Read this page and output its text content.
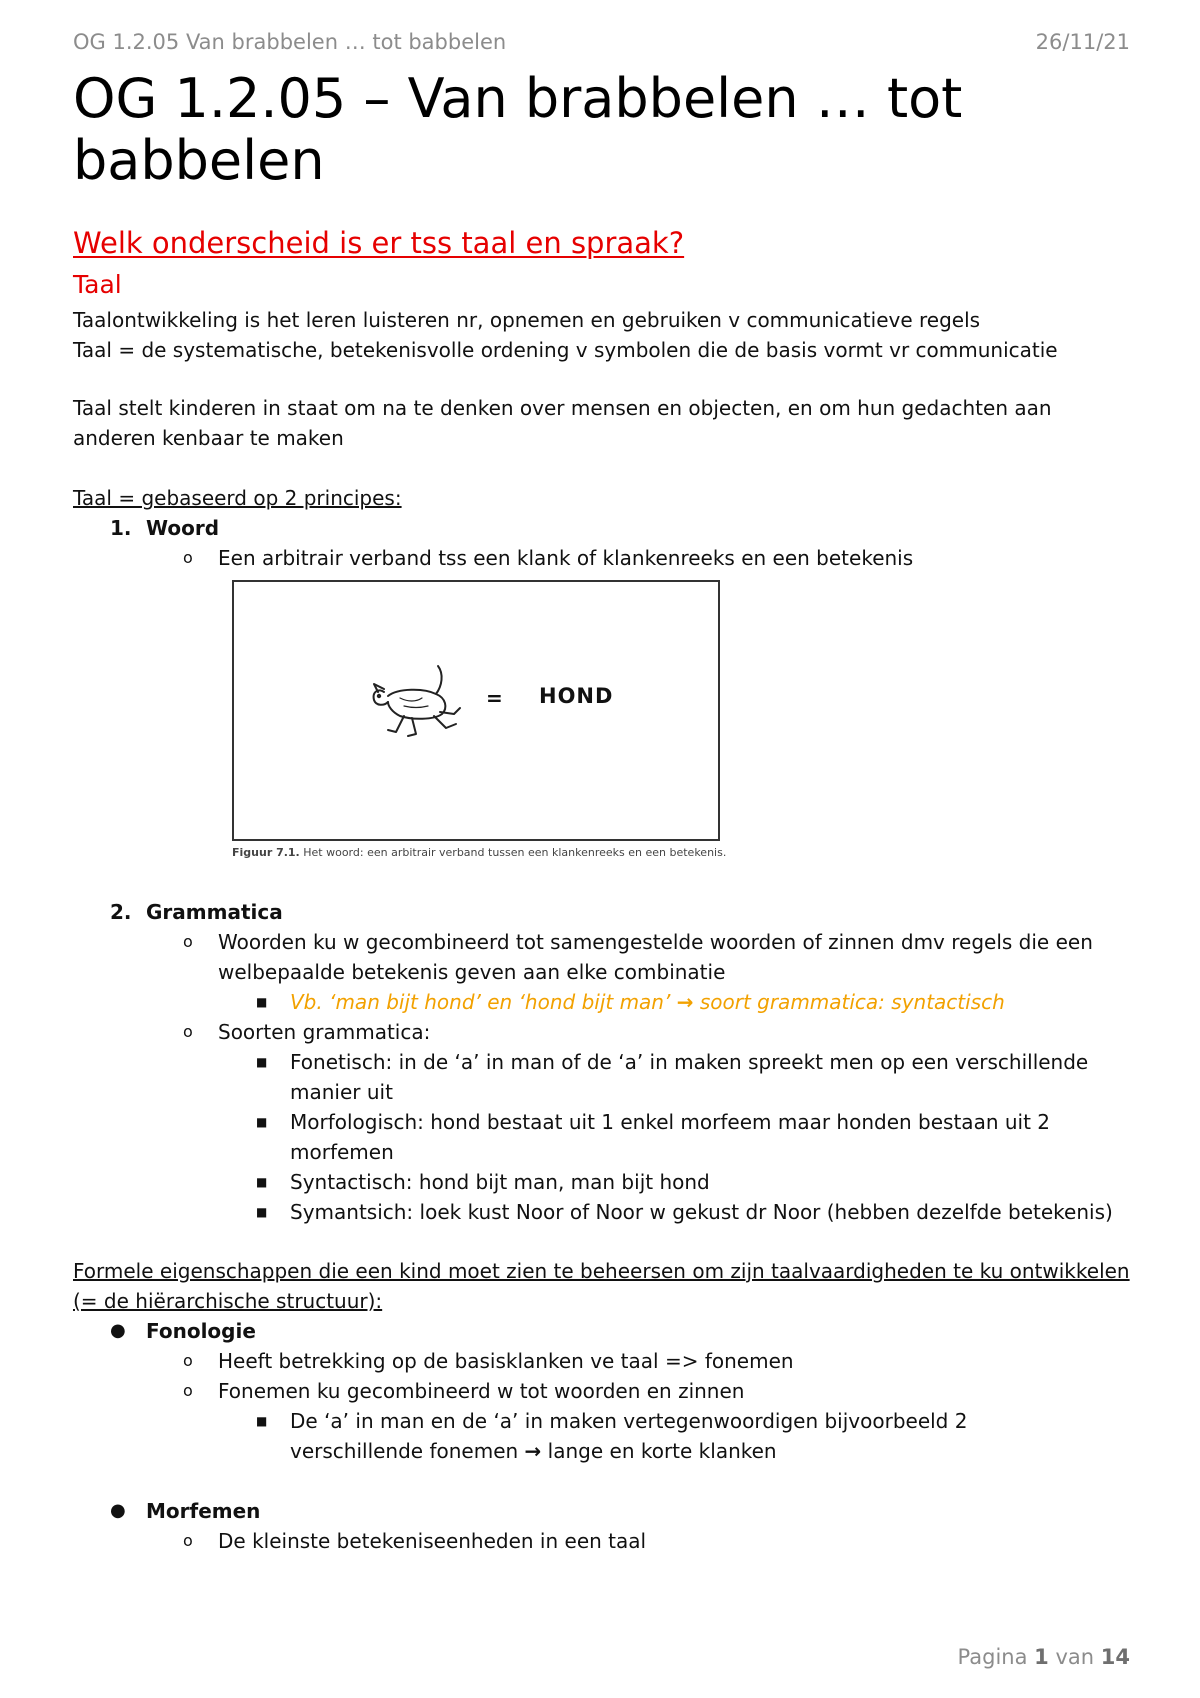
OG 1.2.05 Van brabbelen … tot babbelen	26/11/21
OG 1.2.05 – Van brabbelen … tot babbelen
Welk onderscheid is er tss taal en spraak?
Taal
Taalontwikkeling is het leren luisteren nr, opnemen en gebruiken v communicatieve regels
Taal = de systematische, betekenisvolle ordening v symbolen die de basis vormt vr communicatie
Taal stelt kinderen in staat om na te denken over mensen en objecten, en om hun gedachten aan anderen kenbaar te maken
Taal = gebaseerd op 2 principes:
1. Woord
o Een arbitrair verband tss een klank of klankenreeks en een betekenis
= HOND
Figuur 7.1. Het woord: een arbitrair verband tussen een klankenreeks en een betekenis.
2. Grammatica
o Woorden ku w gecombineerd tot samengestelde woorden of zinnen dmv regels die een welbepaalde betekenis geven aan elke combinatie
■ Vb. ‘man bijt hond’ en ‘hond bijt man’ → soort grammatica: syntactisch
o Soorten grammatica:
■ Fonetisch: in de ‘a’ in man of de ‘a’ in maken spreekt men op een verschillende manier uit
■ Morfologisch: hond bestaat uit 1 enkel morfeem maar honden bestaan uit 2 morfemen
■ Syntactisch: hond bijt man, man bijt hond
■ Symantsich: loek kust Noor of Noor w gekust dr Noor (hebben dezelfde betekenis)
Formele eigenschappen die een kind moet zien te beheersen om zijn taalvaardigheden te ku ontwikkelen (= de hiërarchische structuur):
● Fonologie
o Heeft betrekking op de basisklanken ve taal => fonemen
o Fonemen ku gecombineerd w tot woorden en zinnen
■ De ‘a’ in man en de ‘a’ in maken vertegenwoordigen bijvoorbeeld 2 verschillende fonemen → lange en korte klanken
● Morfemen
o De kleinste betekeniseenheden in een taal
Pagina 1 van 14
